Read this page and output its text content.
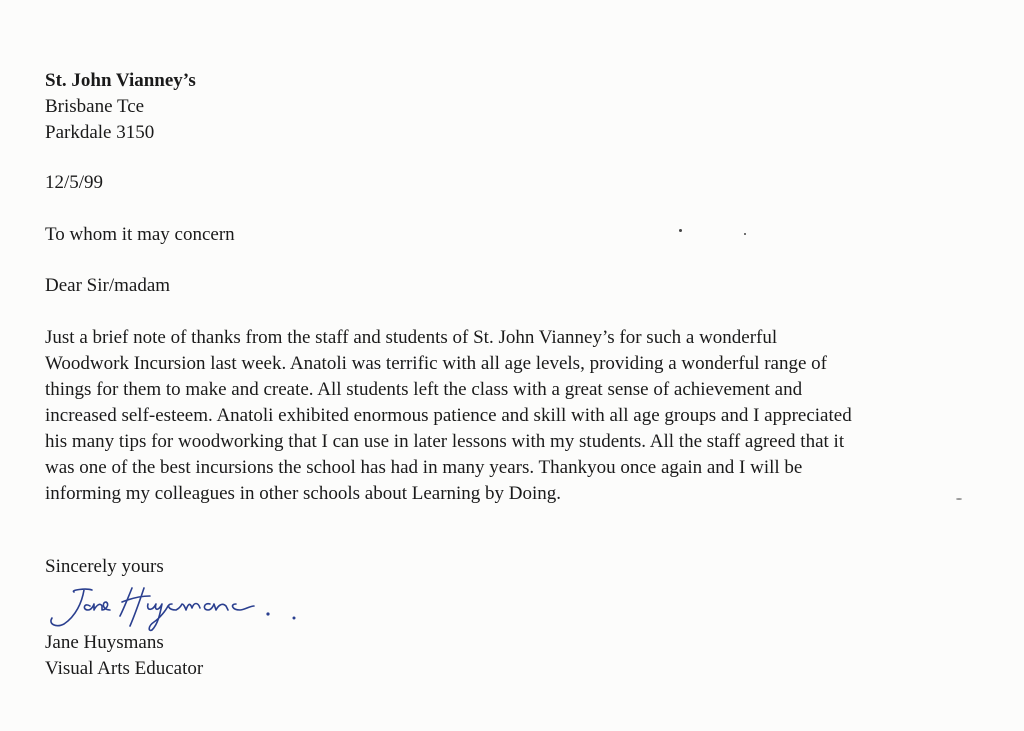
St. John Vianney’s
Brisbane Tce
Parkdale 3150
12/5/99
To whom it may concern
Dear Sir/madam
Just a brief note of thanks from the staff and students of St. John Vianney’s for such a wonderful
Woodwork Incursion last week. Anatoli was terrific with all age levels, providing a wonderful range of
things for them to make and create. All students left the class with a great sense of achievement and
increased self-esteem. Anatoli exhibited enormous patience and skill with all age groups and I appreciated
his many tips for woodworking that I can use in later lessons with my students. All the staff agreed that it
was one of the best incursions the school has had in many years. Thankyou once again and I will be
informing my colleagues in other schools about Learning by Doing.
Sincerely yours
Jane Huysmans
Visual Arts Educator
